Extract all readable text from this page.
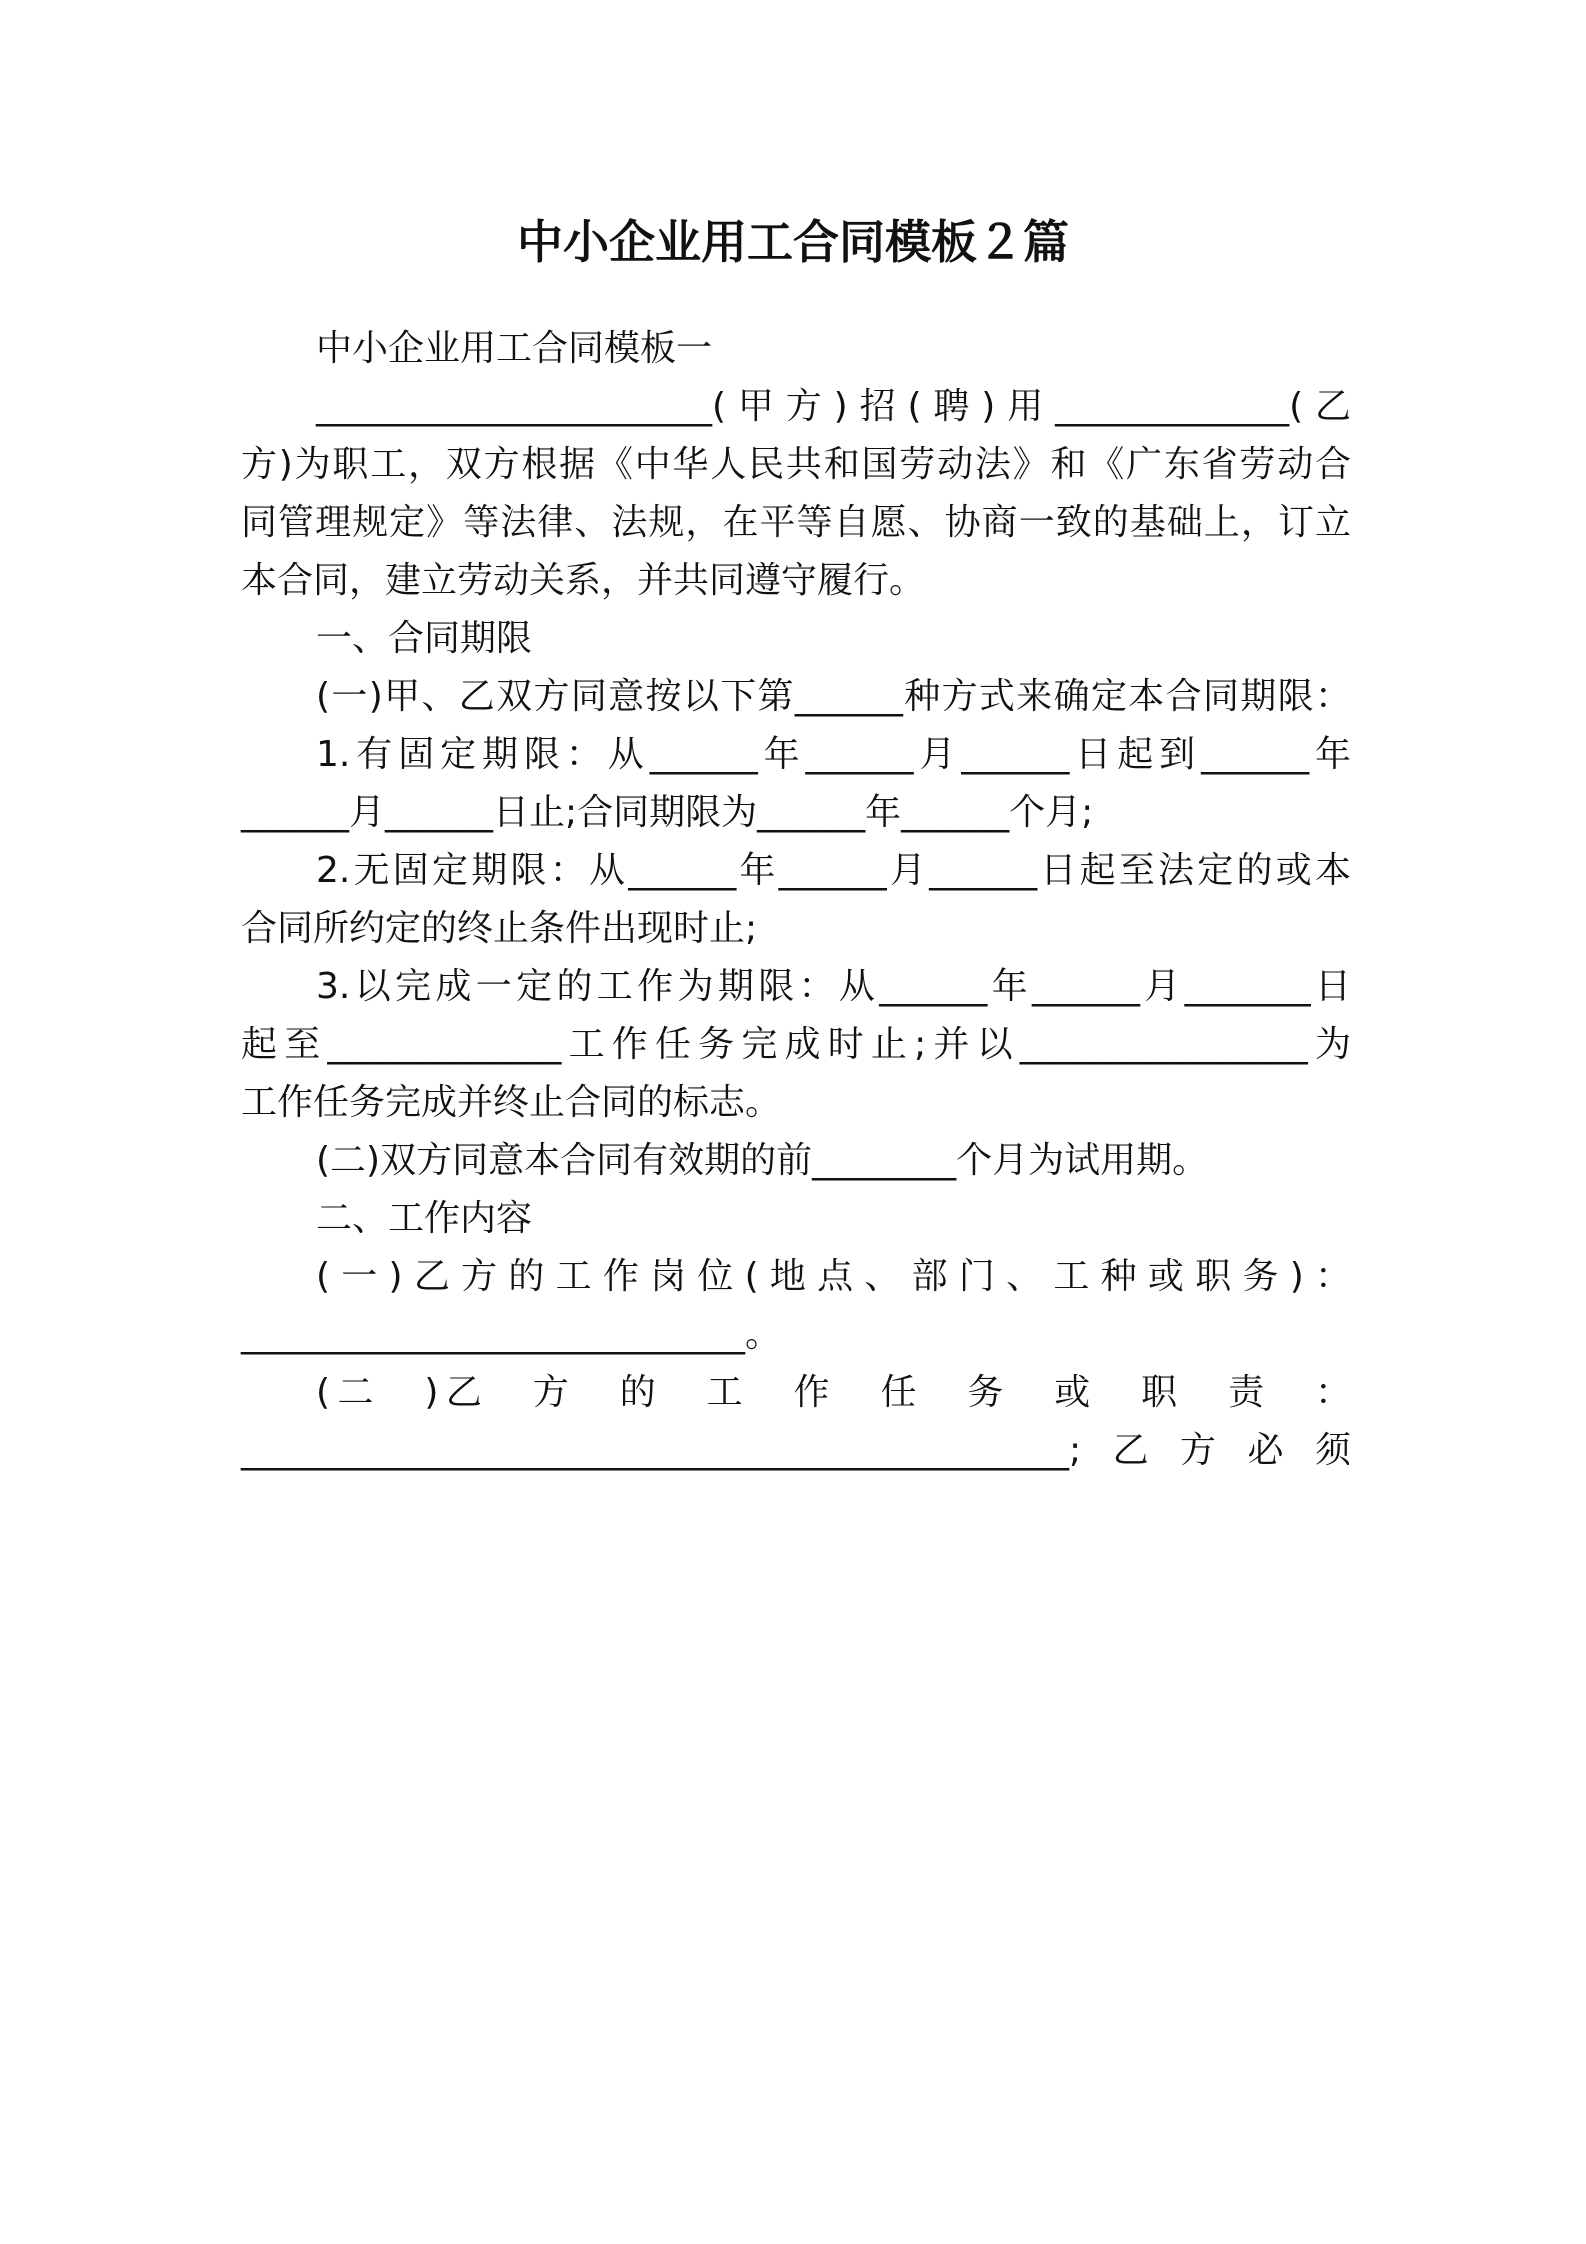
中小企业用工合同模板２篇
中小企业用工合同模板一
______________________(甲方)招(聘)用_____________(乙
方)为职工，双方根据《中华人民共和国劳动法》和《广东省劳动合
同管理规定》等法律、法规，在平等自愿、协商一致的基础上，订立
本合同，建立劳动关系，并共同遵守履行。
一、合同期限
(一)甲、乙双方同意按以下第______种方式来确定本合同期限：
1.有固定期限：从______年______月______日起到______年
______月______日止;合同期限为______年______个月;
2.无固定期限：从______年______月______日起至法定的或本
合同所约定的终止条件出现时止;
3.以完成一定的工作为期限：从______年______月_______日
起至_____________工作任务完成时止;并以________________为
工作任务完成并终止合同的标志。
(二)双方同意本合同有效期的前________个月为试用期。
二、工作内容
(一)乙方的工作岗位(地点、部门、工种或职务)：
____________________________。
(二　)乙　方　的　工　作　任　务　或　职　责　：
______________________________________________;乙方必须
